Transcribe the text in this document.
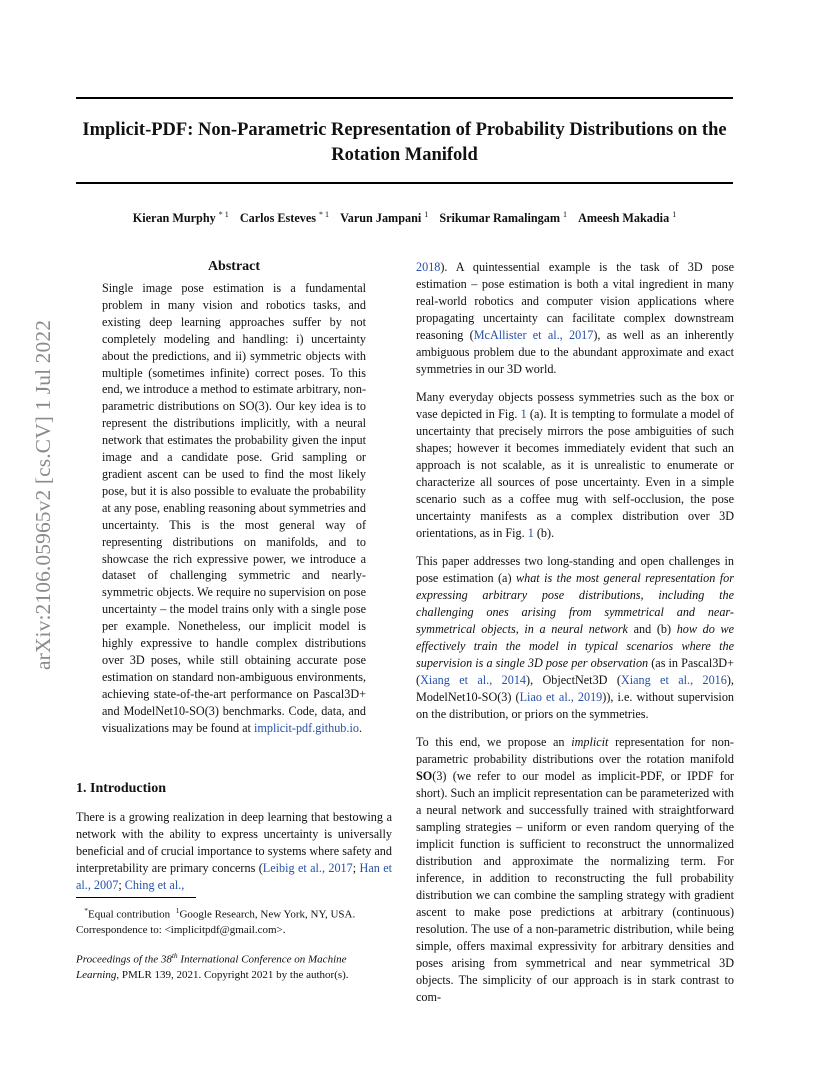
Implicit-PDF: Non-Parametric Representation of Probability Distributions on the Rotation Manifold
Kieran Murphy $^{* 1}$ Carlos Esteves $^{* 1}$ Varun Jampani $^1$ Srikumar Ramalingam $^1$ Ameesh Makadia $^1$
arXiv:2106.05965v2 [cs.CV] 1 Jul 2022

Abstract

Single image pose estimation is a fundamental problem in many vision and robotics tasks, and existing deep learning approaches suffer by not completely modeling and handling: i) uncertainty about the predictions, and ii) symmetric objects with multiple (sometimes infinite) correct poses. To this end, we introduce a method to estimate arbitrary, non-parametric distributions on SO(3). Our key idea is to represent the distributions implicitly, with a neural network that estimates the probability given the input image and a candidate pose. Grid sampling or gradient ascent can be used to find the most likely pose, but it is also possible to evaluate the probability at any pose, enabling reasoning about symmetries and uncertainty. This is the most general way of representing distributions on manifolds, and to showcase the rich expressive power, we introduce a dataset of challenging symmetric and nearly-symmetric objects. We require no supervision on pose uncertainty – the model trains only with a single pose per example. Nonetheless, our implicit model is highly expressive to handle complex distributions over 3D poses, while still obtaining accurate pose estimation on standard non-ambiguous environments, achieving state-of-the-art performance on Pascal3D+ and ModelNet10-SO(3) benchmarks. Code, data, and visualizations may be found at implicit-pdf.github.io.

1. Introduction

There is a growing realization in deep learning that bestowing a network with the ability to express uncertainty is universally beneficial and of crucial importance to systems where safety and interpretability are primary concerns (Leibig et al., 2017; Han et al., 2007; Ching et al.,

*Equal contribution $^1$Google Research, New York, NY, USA.

Correspondence to: <implicitpdf@gmail.com>.

Proceedings of the 38th International Conference on Machine Learning, PMLR 139, 2021. Copyright 2021 by the author(s).

2018). A quintessential example is the task of 3D pose estimation – pose estimation is both a vital ingredient in many real-world robotics and computer vision applications where propagating uncertainty can facilitate complex downstream reasoning (McAllister et al., 2017), as well as an inherently ambiguous problem due to the abundant approximate and exact symmetries in our 3D world.

Many everyday objects possess symmetries such as the box or vase depicted in Fig. 1 (a). It is tempting to formulate a model of uncertainty that precisely mirrors the pose ambiguities of such shapes; however it becomes immediately evident that such an approach is not scalable, as it is unrealistic to enumerate or characterize all sources of pose uncertainty. Even in a simple scenario such as a coffee mug with self-occlusion, the pose uncertainty manifests as a complex distribution over 3D orientations, as in Fig. 1 (b).

This paper addresses two long-standing and open challenges in pose estimation (a) what is the most general representation for expressing arbitrary pose distributions, including the challenging ones arising from symmetrical and near-symmetrical objects, in a neural network and (b) how do we effectively train the model in typical scenarios where the supervision is a single 3D pose per observation (as in Pascal3D+ (Xiang et al., 2014), ObjectNet3D (Xiang et al., 2016), ModelNet10-SO(3) (Liao et al., 2019)), i.e. without supervision on the distribution, or priors on the symmetries.

To this end, we propose an implicit representation for non-parametric probability distributions over the rotation manifold SO(3) (we refer to our model as implicit-PDF, or IPDF for short). Such an implicit representation can be parameterized with a neural network and successfully trained with straightforward sampling strategies – uniform or even random querying of the implicit function is sufficient to reconstruct the unnormalized distribution and approximate the normalizing term. For inference, in addition to reconstructing the full probability distribution we can combine the sampling strategy with gradient ascent to make pose predictions at arbitrary (continuous) resolution. The use of a non-parametric distribution, while being simple, offers maximal expressivity for arbitrary densities and poses arising from symmetrical and near symmetrical 3D objects. The simplicity of our approach is in stark contrast to com-
